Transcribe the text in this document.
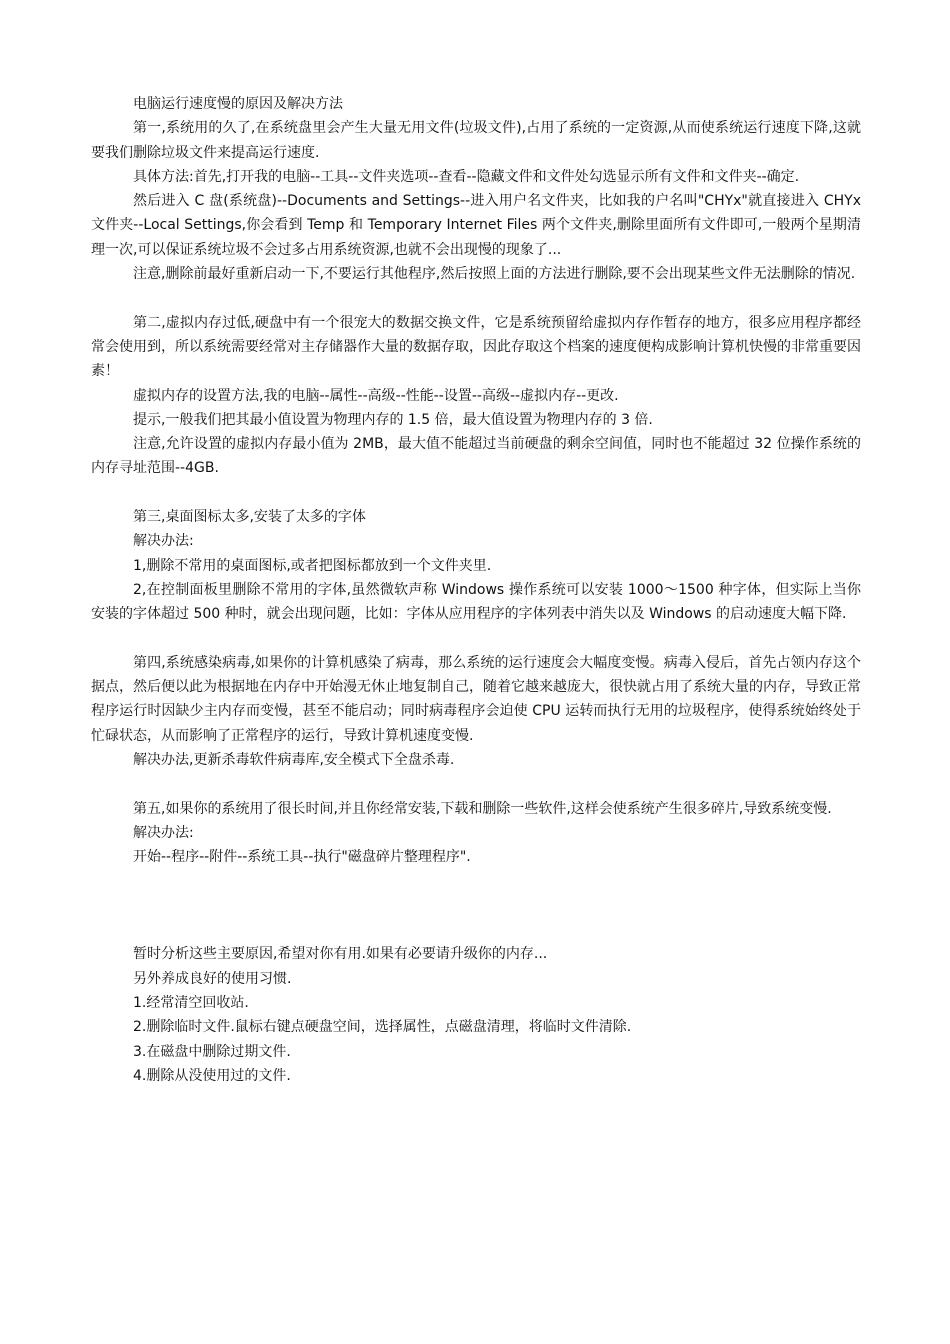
电脑运行速度慢的原因及解决方法

第一,系统用的久了,在系统盘里会产生大量无用文件(垃圾文件),占用了系统的一定资源,从而使系统运行速度下降,这就要我们删除垃圾文件来提高运行速度.

具体方法:首先,打开我的电脑--工具--文件夹选项--查看--隐藏文件和文件处勾选显示所有文件和文件夹--确定.

然后进入 C 盘(系统盘)--Documents and Settings--进入用户名文件夹，比如我的户名叫"CHYx"就直接进入 CHYx 文件夹--Local Settings,你会看到 Temp 和 Temporary Internet Files 两个文件夹,删除里面所有文件即可,一般两个星期清理一次,可以保证系统垃圾不会过多占用系统资源,也就不会出现慢的现象了...

注意,删除前最好重新启动一下,不要运行其他程序,然后按照上面的方法进行删除,要不会出现某些文件无法删除的情况.

第二,虚拟内存过低,硬盘中有一个很宠大的数据交换文件，它是系统预留给虚拟内存作暂存的地方，很多应用程序都经常会使用到，所以系统需要经常对主存储器作大量的数据存取，因此存取这个档案的速度便构成影响计算机快慢的非常重要因素！

虚拟内存的设置方法,我的电脑--属性--高级--性能--设置--高级--虚拟内存--更改.

提示,一般我们把其最小值设置为物理内存的 1.5 倍，最大值设置为物理内存的 3 倍.

注意,允许设置的虚拟内存最小值为 2MB，最大值不能超过当前硬盘的剩余空间值，同时也不能超过 32 位操作系统的内存寻址范围--4GB.

第三,桌面图标太多,安装了太多的字体

解决办法:

1,删除不常用的桌面图标,或者把图标都放到一个文件夹里.

2,在控制面板里删除不常用的字体,虽然微软声称 Windows 操作系统可以安装 1000～1500 种字体，但实际上当你安装的字体超过 500 种时，就会出现问题，比如：字体从应用程序的字体列表中消失以及 Windows 的启动速度大幅下降.

第四,系统感染病毒,如果你的计算机感染了病毒，那么系统的运行速度会大幅度变慢。病毒入侵后，首先占领内存这个据点，然后便以此为根据地在内存中开始漫无休止地复制自己，随着它越来越庞大，很快就占用了系统大量的内存，导致正常程序运行时因缺少主内存而变慢，甚至不能启动；同时病毒程序会迫使 CPU 运转而执行无用的垃圾程序，使得系统始终处于忙碌状态，从而影响了正常程序的运行，导致计算机速度变慢.

解决办法,更新杀毒软件病毒库,安全模式下全盘杀毒.

第五,如果你的系统用了很长时间,并且你经常安装,下载和删除一些软件,这样会使系统产生很多碎片,导致系统变慢.

解决办法:

开始--程序--附件--系统工具--执行"磁盘碎片整理程序".

暂时分析这些主要原因,希望对你有用.如果有必要请升级你的内存...

另外养成良好的使用习惯.

1.经常清空回收站.

2.删除临时文件.鼠标右键点硬盘空间，选择属性，点磁盘清理，将临时文件清除.

3.在磁盘中删除过期文件.

4.删除从没使用过的文件.
